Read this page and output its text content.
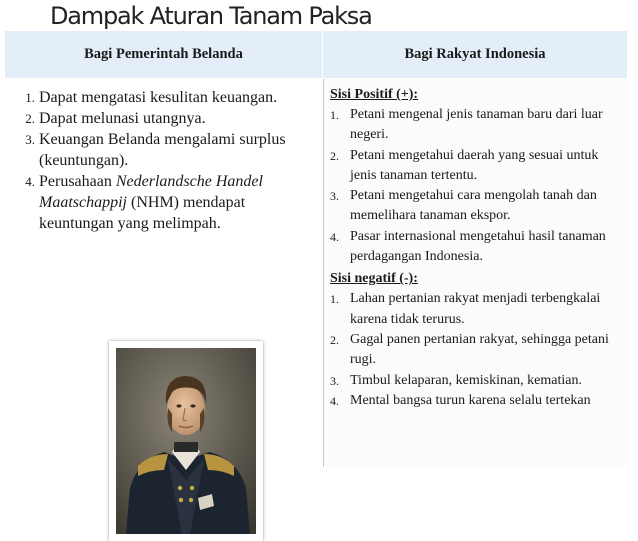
Dampak Aturan Tanam Paksa
Bagi Pemerintah Belanda	Bagi Rakyat Indonesia
1. Dapat mengatasi kesulitan keuangan.
2. Dapat melunasi utangnya.
3. Keuangan Belanda mengalami surplus (keuntungan).
4. Perusahaan Nederlandsche Handel Maatschappij (NHM) mendapat keuntungan yang melimpah.
Sisi Positif (+):
1. Petani mengenal jenis tanaman baru dari luar negeri.
2. Petani mengetahui daerah yang sesuai untuk jenis tanaman tertentu.
3. Petani mengetahui cara mengolah tanah dan memelihara tanaman ekspor.
4. Pasar internasional mengetahui hasil tanaman perdagangan Indonesia.
Sisi negatif (-):
1. Lahan pertanian rakyat menjadi terbengkalai karena tidak terurus.
2. Gagal panen pertanian rakyat, sehingga petani rugi.
3. Timbul kelaparan, kemiskinan, kematian.
4. Mental bangsa turun karena selalu tertekan
